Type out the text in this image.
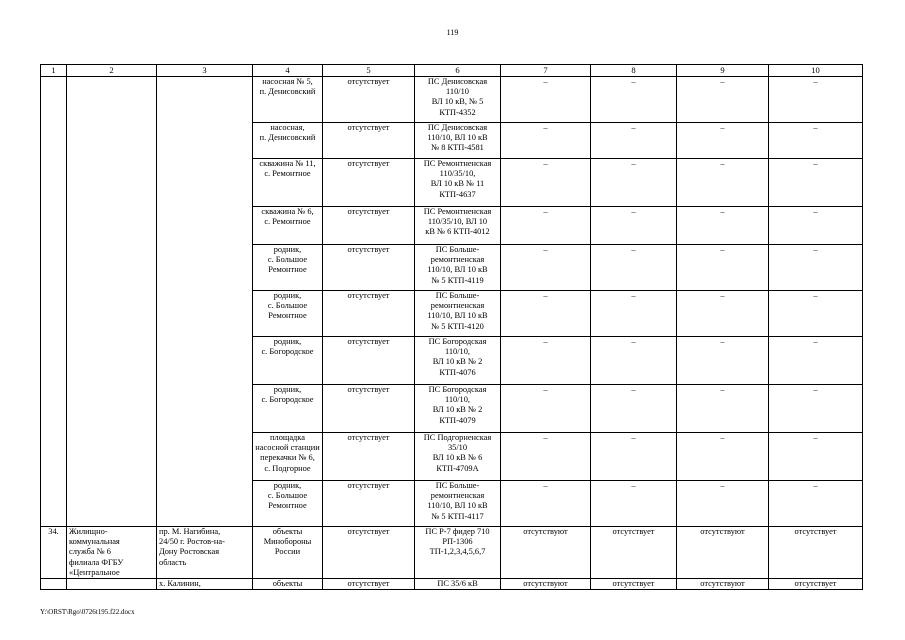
119
1	2	3	4	5	6	7	8	9	10
			насосная № 5,
п. Денисовский	отсутствует	ПС Денисовская
110/10
ВЛ 10 кВ, № 5
КТП-4352	–	–	–	–
			насосная,
п. Денисовский	отсутствует	ПС Денисовская
110/10, ВЛ 10 кВ
№ 8 КТП-4581	–	–	–	–
			скважина № 11,
с. Ремонтное	отсутствует	ПС Ремонтненская
110/35/10,
ВЛ 10 кВ № 11
КТП-4637	–	–	–	–
			скважина № 6,
с. Ремонтное	отсутствует	ПС Ремонтненская
110/35/10, ВЛ 10
кВ № 6 КТП-4012	–	–	–	–
			родник,
с. Большое
Ремонтное	отсутствует	ПС Больше-
ремонтненская
110/10, ВЛ 10 кВ
№ 5 КТП-4119	–	–	–	–
			родник,
с. Большое
Ремонтное	отсутствует	ПС Больше-
ремонтненская
110/10, ВЛ 10 кВ
№ 5 КТП-4120	–	–	–	–
			родник,
с. Богородское	отсутствует	ПС Богородская
110/10,
ВЛ 10 кВ № 2
КТП-4076	–	–	–	–
			родник,
с. Богородское	отсутствует	ПС Богородская
110/10,
ВЛ 10 кВ № 2
КТП-4079	–	–	–	–
			площадка
насосной станции
перекачки № 6,
с. Подгорное	отсутствует	ПС Подгорненская
35/10
ВЛ 10 кВ № 6
КТП-4709А	–	–	–	–
			родник,
с. Большое
Ремонтное	отсутствует	ПС Больше-
ремонтненская
110/10, ВЛ 10 кВ
№ 5 КТП-4117	–	–	–	–
34.	Жилищно-
коммунальная
служба № 6
филиала ФГБУ
«Центральное	пр. М. Нагибина,
24/50 г. Ростов-на-
Дону Ростовская
область	объекты
Минобороны
России	отсутствует	ПС Р-7 фидер 710
РП-1306
ТП-1,2,3,4,5,6,7	отсутствуют	отсутствует	отсутствуют	отсутствует
		х. Калинин,	объекты	отсутствует	ПС 35/6 кВ	отсутствуют	отсутствует	отсутствуют	отсутствует
Y:\ORST\Rgo\0726t195.f22.docx
